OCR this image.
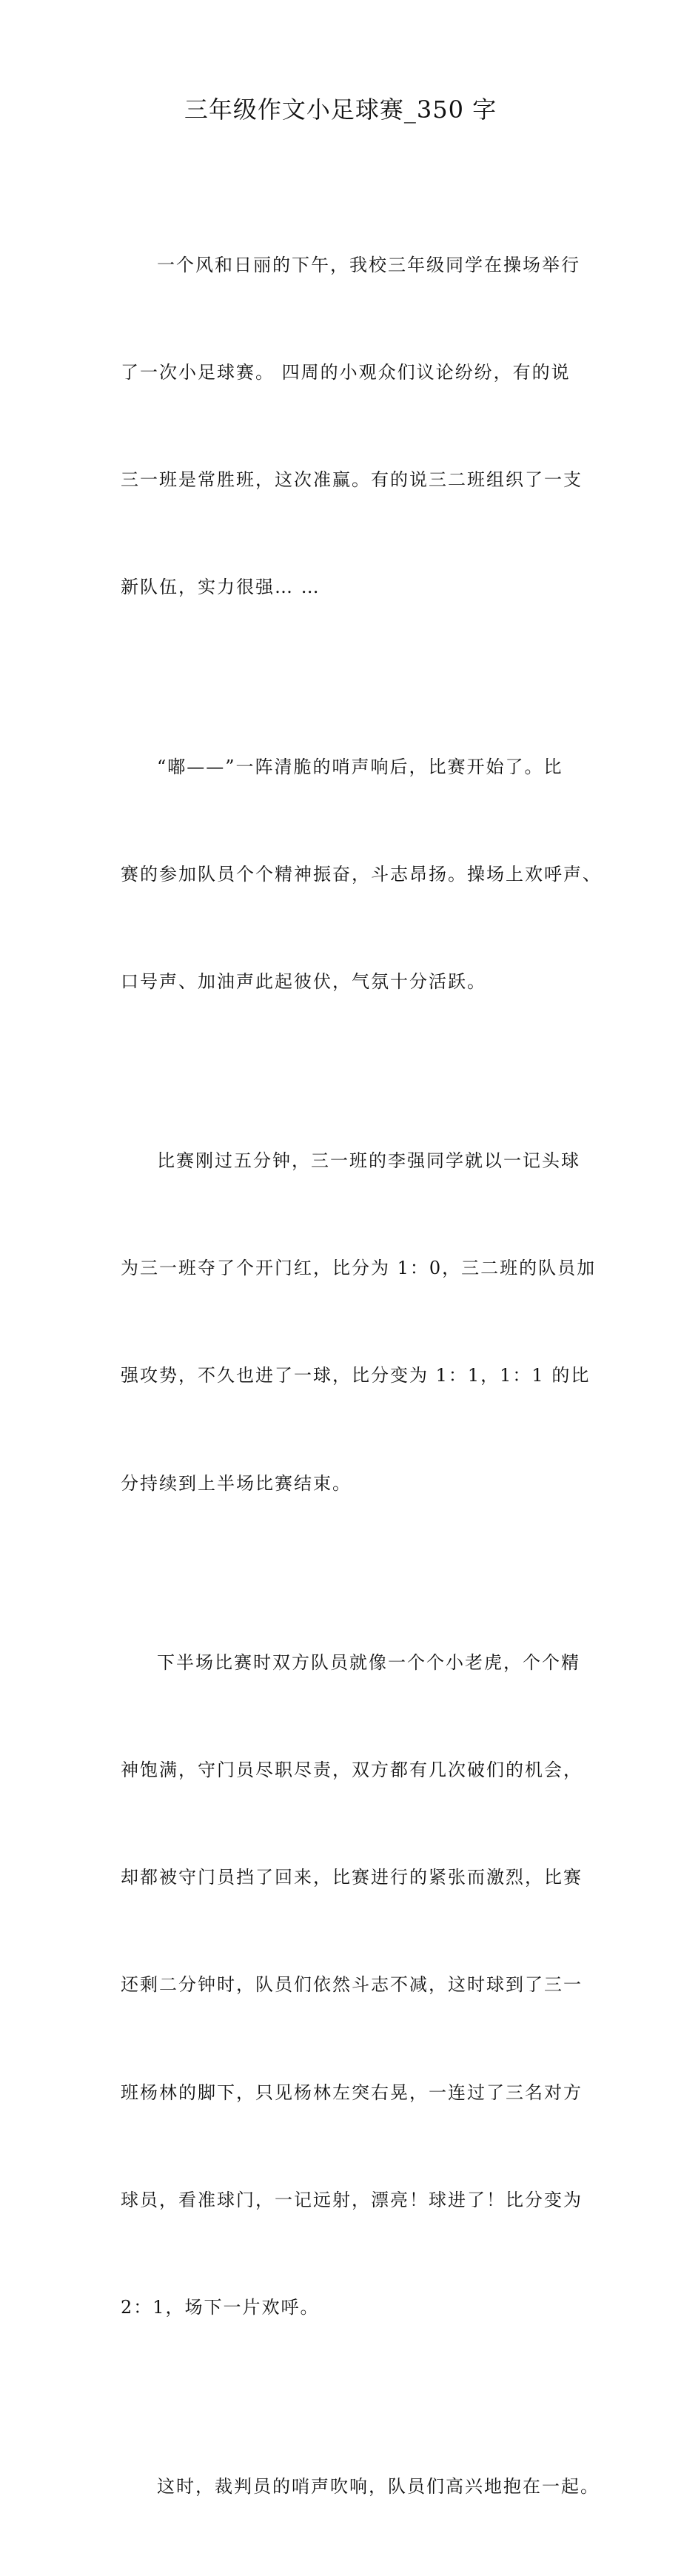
三年级作文小足球赛_350 字

一个风和日丽的下午，我校三年级同学在操场举行

了一次小足球赛。 四周的小观众们议论纷纷，有的说

三一班是常胜班，这次准赢。有的说三二班组织了一支

新队伍，实力很强… …

“嘟——”一阵清脆的哨声响后，比赛开始了。比

赛的参加队员个个精神振奋，斗志昂扬。操场上欢呼声、

口号声、加油声此起彼伏，气氛十分活跃。

比赛刚过五分钟，三一班的李强同学就以一记头球

为三一班夺了个开门红，比分为 1：0，三二班的队员加

强攻势，不久也进了一球，比分变为 1：1，1：1 的比

分持续到上半场比赛结束。

下半场比赛时双方队员就像一个个小老虎，个个精

神饱满，守门员尽职尽责，双方都有几次破们的机会，

却都被守门员挡了回来，比赛进行的紧张而激烈，比赛

还剩二分钟时，队员们依然斗志不减，这时球到了三一

班杨林的脚下，只见杨林左突右晃，一连过了三名对方

球员，看准球门，一记远射，漂亮！球进了！比分变为

2：1，场下一片欢呼。

这时，裁判员的哨声吹响，队员们高兴地抱在一起。
